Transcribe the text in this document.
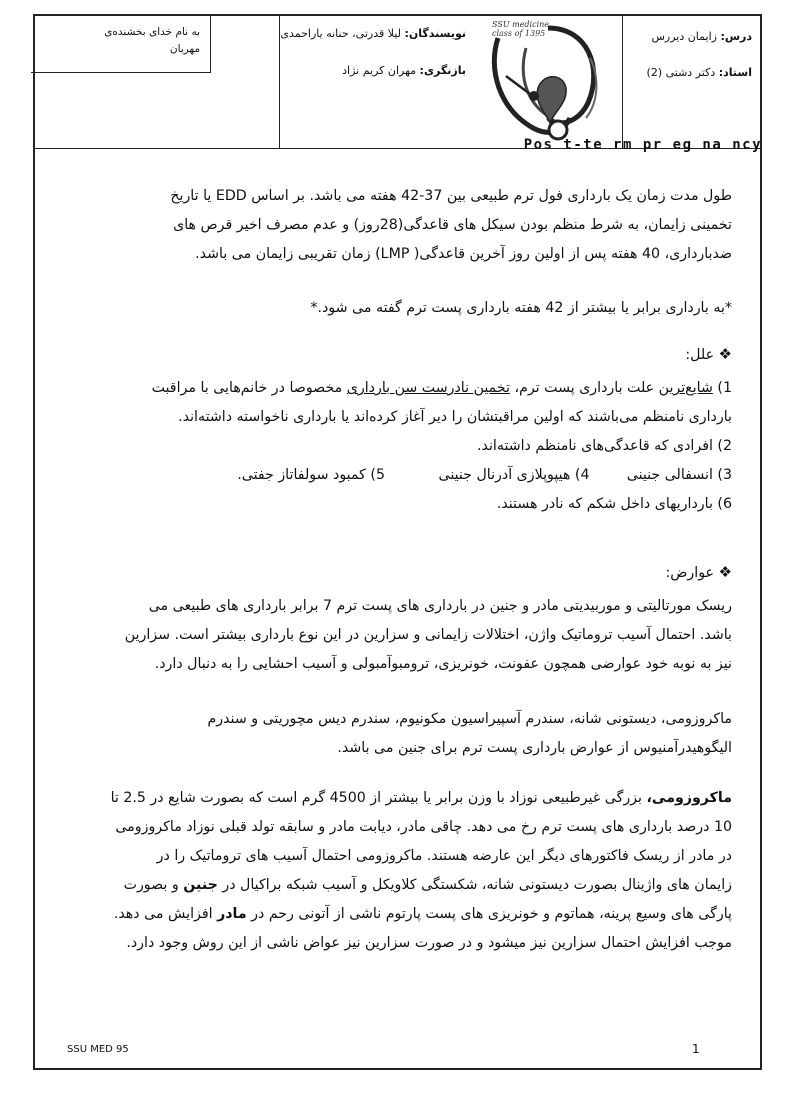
درس: زایمان دیررس
استاد: دکتر دشتی (2)
SSU medicine
class of 1395
نویسندگان: لیلا قدرتی، حنانه یاراحمدی
بازنگری: مهران کریم نژاد
به نام خدای بخشنده‌ی
مهربان
Pos t-te rm pr eg na ncy
طول مدت زمان یک بارداری فول ترم طبیعی بین 37-42 هفته می باشد. بر اساس EDD یا تاریخ
تخمینی زایمان، به شرط منظم بودن سیکل های قاعدگی(28روز) و عدم مصرف اخیر قرص های
ضدبارداری، 40 هفته پس از اولین روز آخرین قاعدگی( LMP) زمان تقریبی زایمان می باشد.
*به بارداری برابر یا بیشتر از 42 هفته بارداری پست ترم گفته می شود.*
❖ علل:
1) شایع‌ترین علت بارداری پست ترم، تخمین نادرست سن بارداری مخصوصا در خانم‌هایی با مراقبت
بارداری نامنظم می‌باشند که اولین مراقبتشان را دیر آغاز کرده‌اند یا بارداری ناخواسته داشته‌اند.
2) افرادی که قاعدگی‌های نامنظم داشته‌اند.
3) انسفالی جنینی 4) هیپوپلازی آدرنال جنینی 5) کمبود سولفاتاز جفتی.
6) بارداریهای داخل شکم که نادر هستند.
❖ عوارض:
ریسک مورتالیتی و موربیدیتی مادر و جنین در بارداری های پست ترم 7 برابر بارداری های طبیعی می
باشد. احتمال آسیب تروماتیک واژن، اختلالات زایمانی و سزارین در این نوع بارداری بیشتر است. سزارین
نیز به نوبه خود عوارضی همچون عفونت، خونریزی، ترومبوآمبولی و آسیب احشایی را به دنبال دارد.
ماکروزومی، دیستونی شانه، سندرم آسپیراسیون مکونیوم، سندرم دیس مچوریتی و سندرم
الیگوهیدرآمنیوس از عوارض بارداری پست ترم برای جنین می باشد.
ماکروزومی، بزرگی غیرطبیعی نوزاد با وزن برابر یا بیشتر از 4500 گرم است که بصورت شایع در 2.5 تا
10 درصد بارداری های پست ترم رخ می دهد. چاقی مادر، دیابت مادر و سابقه تولد قبلی نوزاد ماکروزومی
در مادر از ریسک فاکتورهای دیگر این عارضه هستند. ماکروزومی احتمال آسیب های تروماتیک را در
زایمان های واژینال بصورت دیستونی شانه، شکستگی کلاویکل و آسیب شبکه براکیال در جنین و بصورت
پارگی های وسیع پرینه، هماتوم و خونریزی های پست پارتوم ناشی از آتونی رحم در مادر افزایش می دهد.
موجب افزایش احتمال سزارین نیز میشود و در صورت سزارین نیز عواض ناشی از این روش وجود دارد.
SSU MED 95	1
